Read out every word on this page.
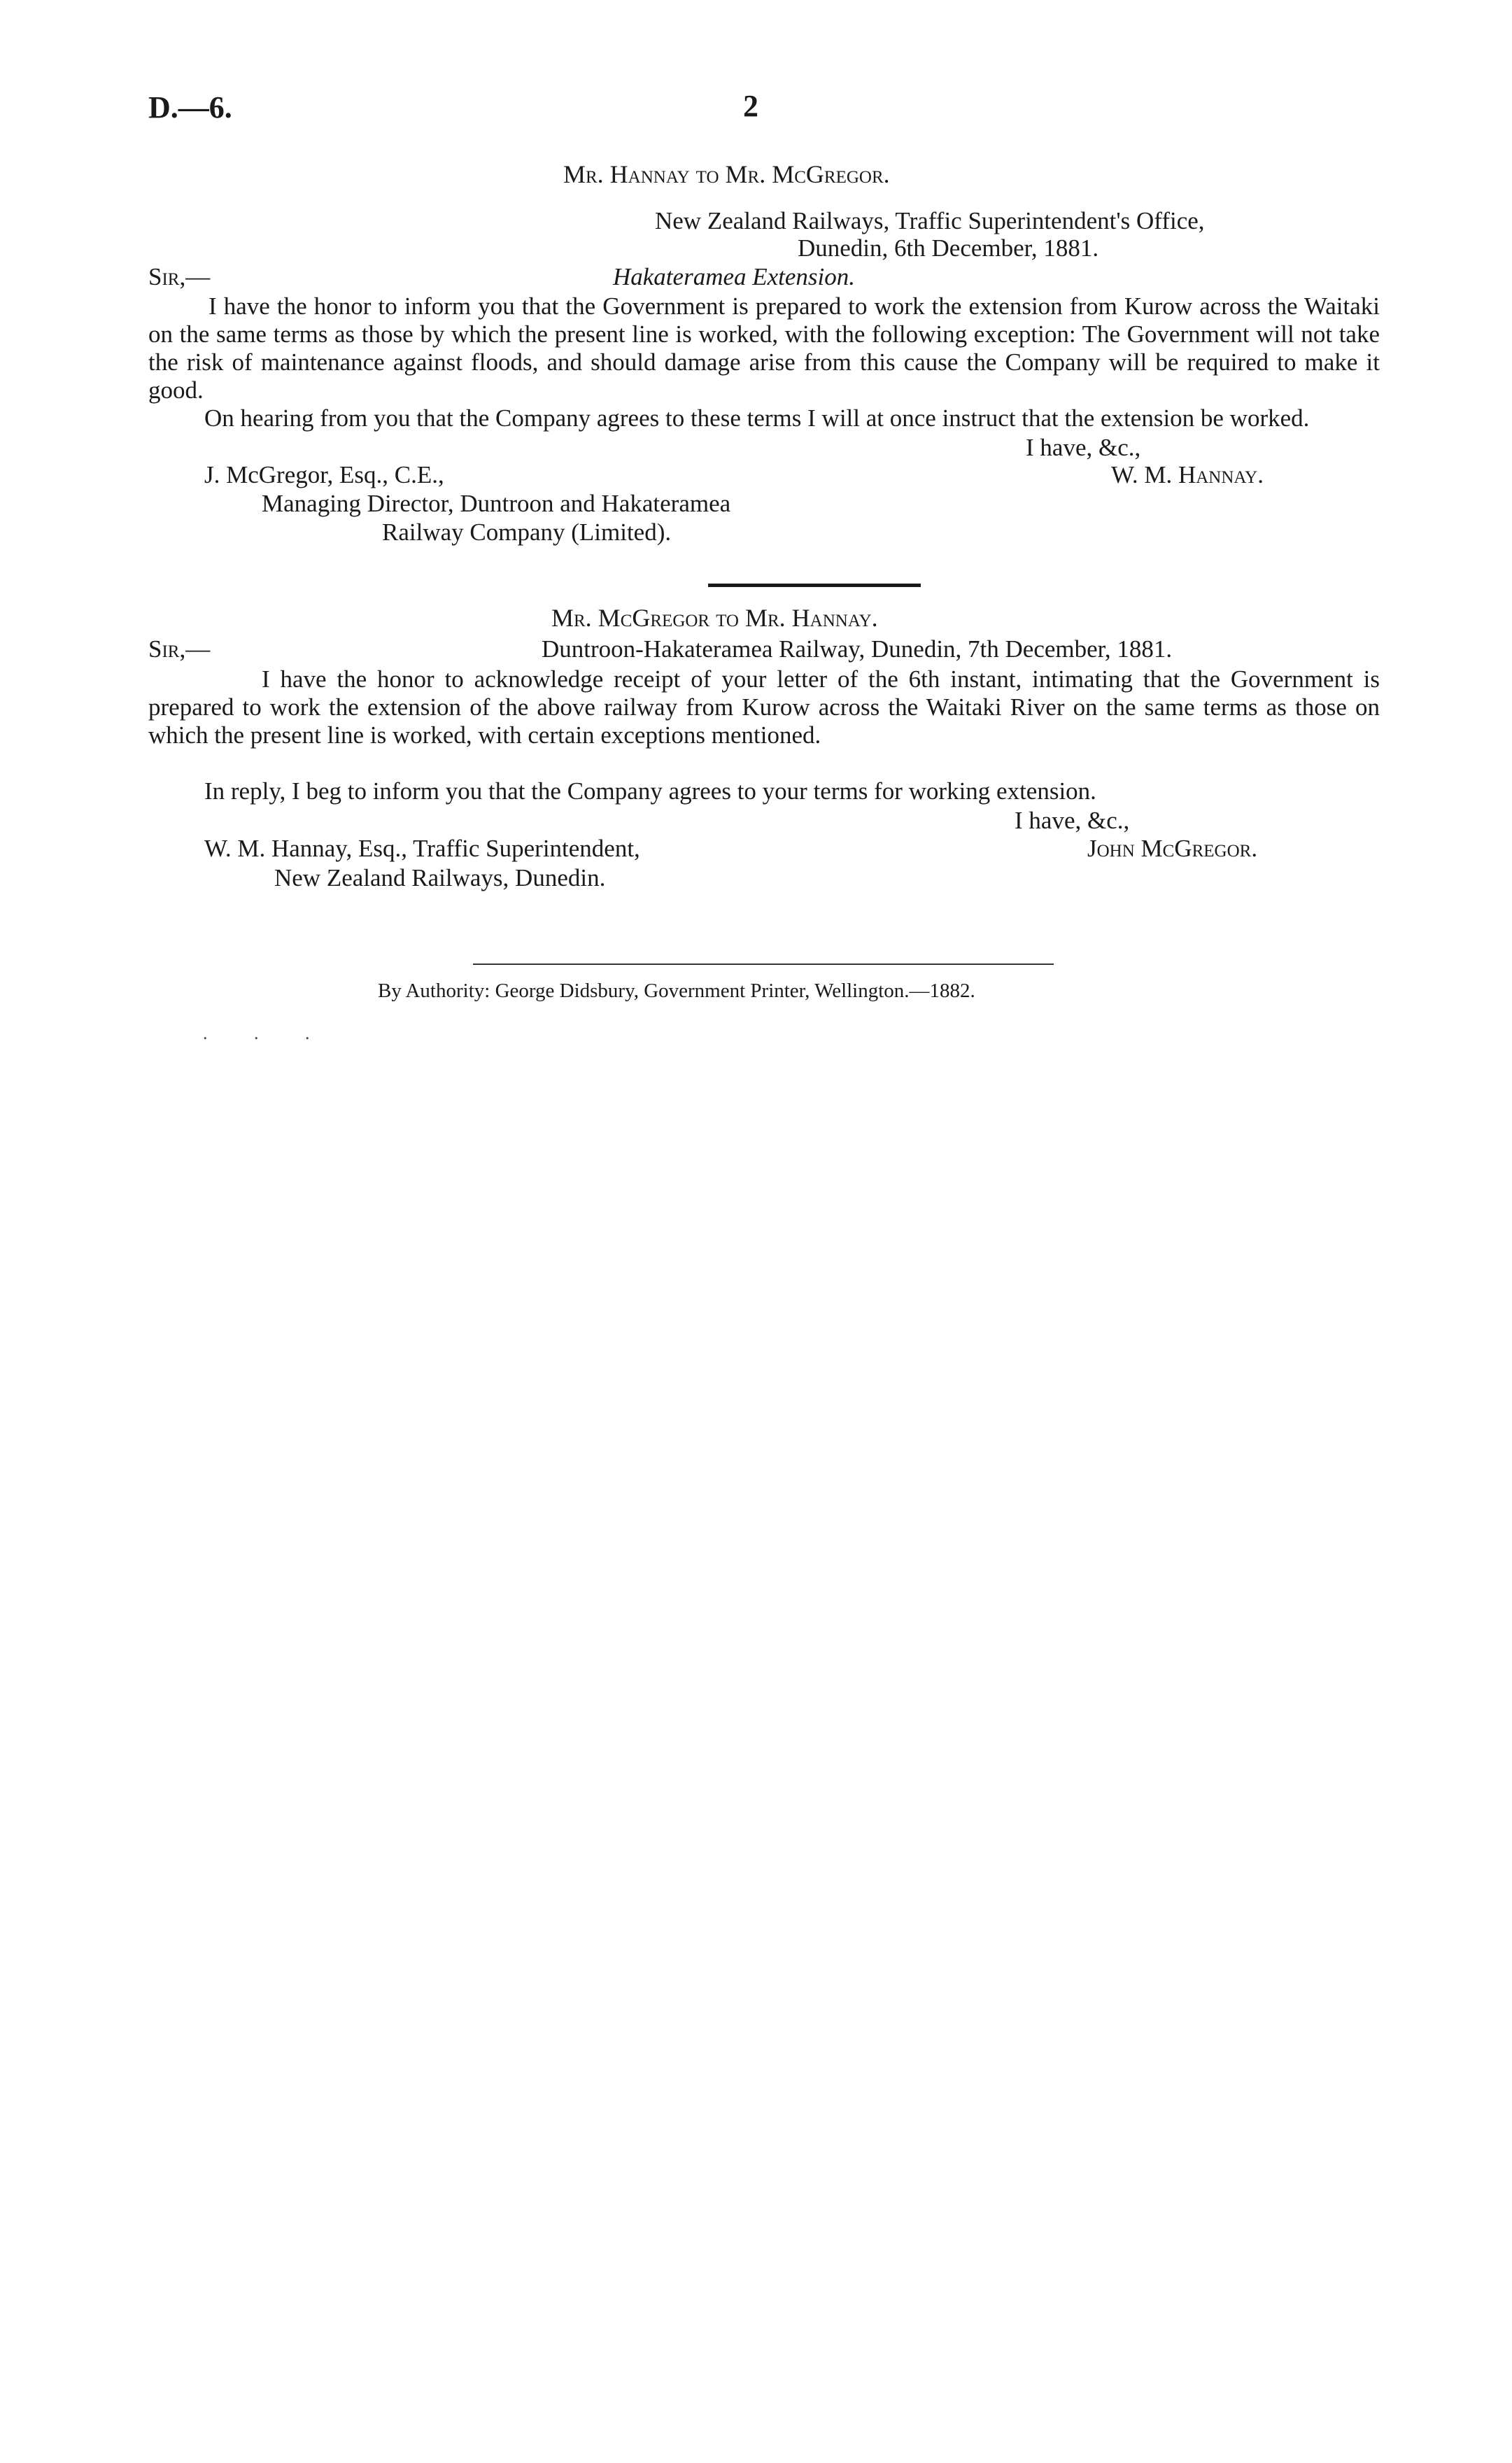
D.—6.	2
Mr. Hannay to Mr. McGregor.
New Zealand Railways, Traffic Superintendent's Office,
Dunedin, 6th December, 1881.
Sir,—	Hakateramea Extension.
I have the honor to inform you that the Government is prepared to work the extension from Kurow across the Waitaki on the same terms as those by which the present line is worked, with the following exception: The Government will not take the risk of maintenance against floods, and should damage arise from this cause the Company will be required to make it good.
On hearing from you that the Company agrees to these terms I will at once instruct that the extension be worked.
I have, &c.,
J. McGregor, Esq., C.E.,	W. M. Hannay.
Managing Director, Duntroon and Hakateramea
Railway Company (Limited).
Mr. McGregor to Mr. Hannay.
Sir,—	Duntroon-Hakateramea Railway, Dunedin, 7th December, 1881.
I have the honor to acknowledge receipt of your letter of the 6th instant, intimating that the Government is prepared to work the extension of the above railway from Kurow across the Waitaki River on the same terms as those on which the present line is worked, with certain exceptions mentioned.
In reply, I beg to inform you that the Company agrees to your terms for working extension.
I have, &c.,
W. M. Hannay, Esq., Traffic Superintendent,	John McGregor.
New Zealand Railways, Dunedin.
By Authority: George Didsbury, Government Printer, Wellington.—1882.
. . .
